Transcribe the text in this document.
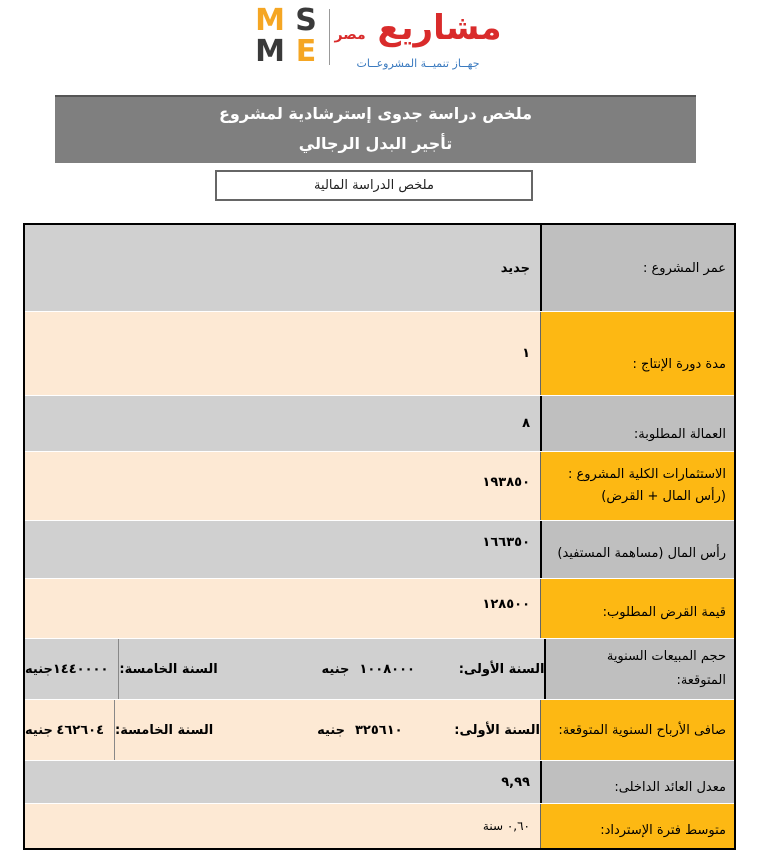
M S
M E
مشاريع مصر
جهــاز تنميــة المشروعــات
ملخص دراسة جدوى إسترشادية لمشروع
تأجير البدل الرجالي
ملخص الدراسة المالية
عمر المشروع :
جديد
مدة دورة الإنتاج :
١
العمالة المطلوبة:
٨
الاستثمارات الكلية المشروع : (رأس المال + القرض)
١٩٣٨٥٠
رأس المال (مساهمة المستفيد)
١٦٦٣٥٠
قيمة القرض المطلوب:
١٢٨٥٠٠
حجم المبيعات السنوية المتوقعة:
السنة الأولى:
١٠٠٨٠٠٠
جنيه
السنة الخامسة:
١٤٤٠٠٠٠
جنيه
صافى الأرباح السنوية المتوقعة:
السنة الأولى:
٣٢٥٦١٠
جنيه
السنة الخامسة:
٤٦٢٦٠٤
جنيه
معدل العائد الداخلى:
٩,٩٩
متوسط فترة الإسترداد:
٠,٦٠ سنة
